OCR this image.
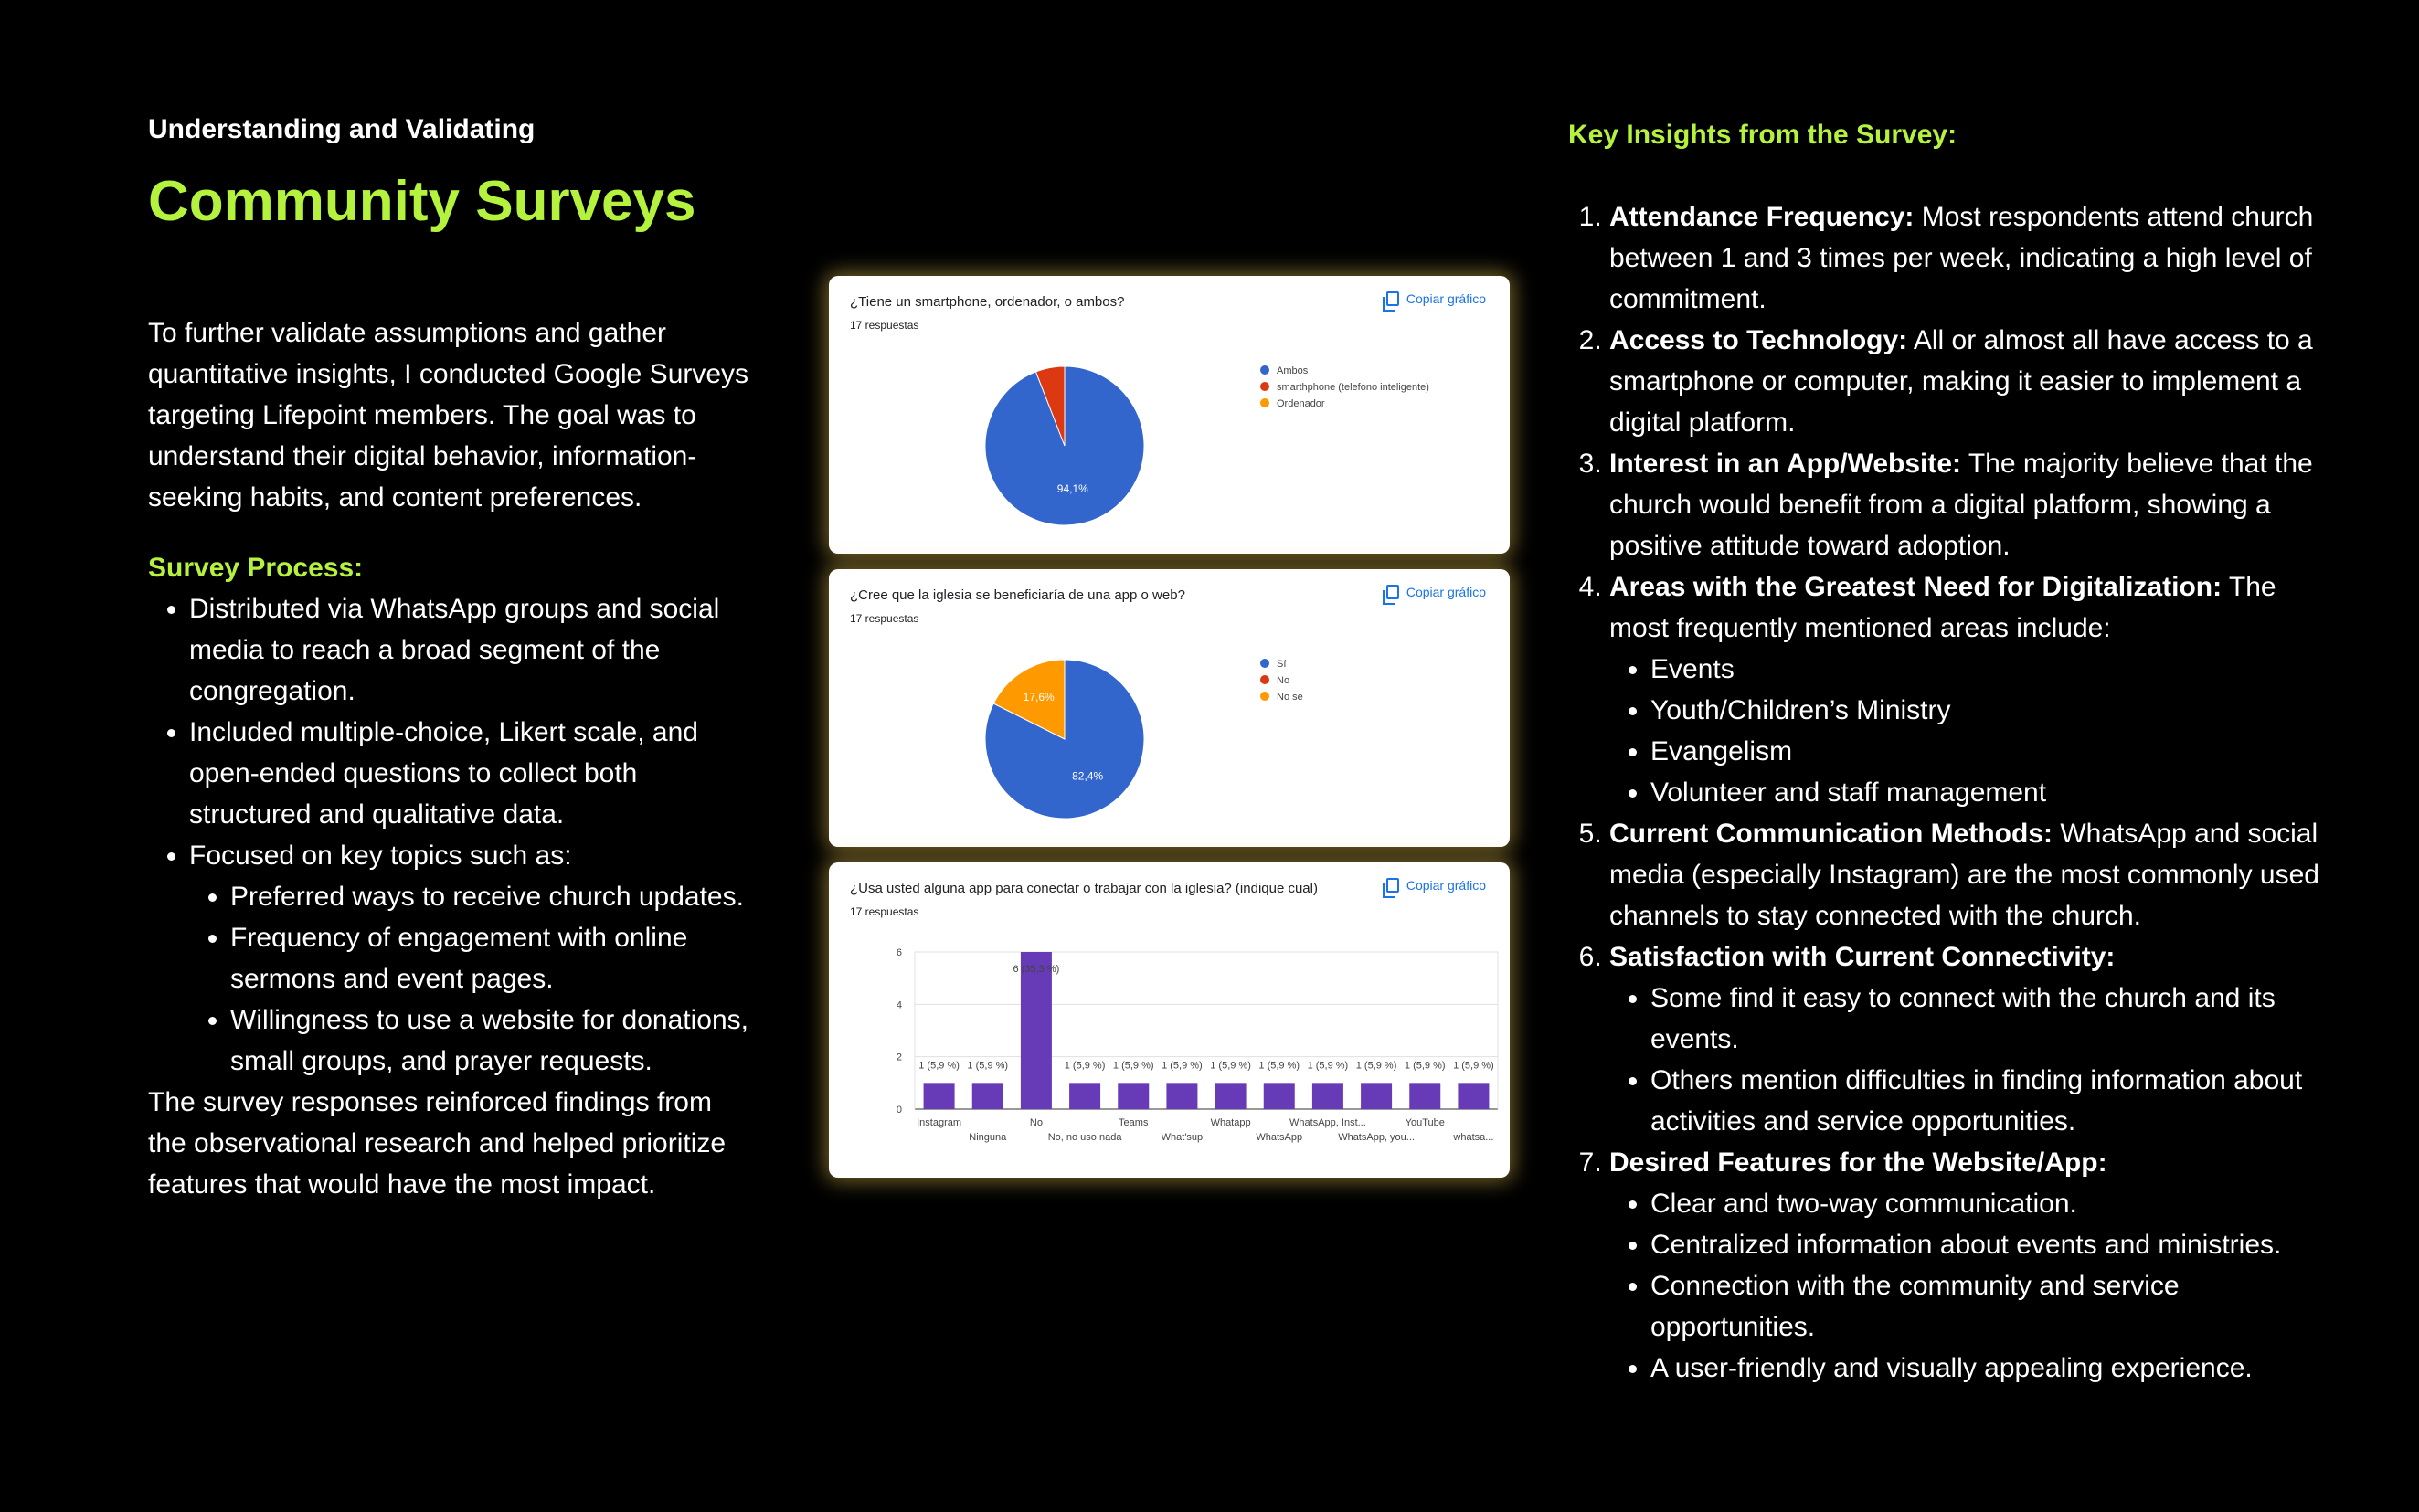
Understanding and Validating
Community Surveys

To further validate assumptions and gather quantitative insights, I conducted Google Surveys targeting Lifepoint members. The goal was to understand their digital behavior, information-seeking habits, and content preferences.

Survey Process:
• Distributed via WhatsApp groups and social media to reach a broad segment of the congregation.
• Included multiple-choice, Likert scale, and open-ended questions to collect both structured and qualitative data.
• Focused on key topics such as:
• Preferred ways to receive church updates.
• Frequency of engagement with online sermons and event pages.
• Willingness to use a website for donations, small groups, and prayer requests.

The survey responses reinforced findings from the observational research and helped prioritize features that would have the most impact.

¿Tiene un smartphone, ordenador, o ambos?
17 respuestas
Copiar gráfico
94,1%
Ambos
smarthphone (telefono inteligente)
Ordenador
¿Cree que la iglesia se beneficiaría de una app o web?
17 respuestas
Copiar gráfico
82,4%
17,6%
Sí
No
No sé
¿Usa usted alguna app para conectar o trabajar con la iglesia? (indique cual)
17 respuestas
Copiar gráfico
0
2
4
6
1 (5,9 %)
Instagram
1 (5,9 %)
Ninguna
6 (35,3 %)
No
1 (5,9 %)
No, no uso nada
1 (5,9 %)
Teams
1 (5,9 %)
What'sup
1 (5,9 %)
Whatapp
1 (5,9 %)
WhatsApp
1 (5,9 %)
WhatsApp, Inst...
1 (5,9 %)
WhatsApp, you...
1 (5,9 %)
YouTube
1 (5,9 %)
whatsa...
Key Insights from the Survey:
1. Attendance Frequency: Most respondents attend church between 1 and 3 times per week, indicating a high level of commitment.
2. Access to Technology: All or almost all have access to a smartphone or computer, making it easier to implement a digital platform.
3. Interest in an App/Website: The majority believe that the church would benefit from a digital platform, showing a positive attitude toward adoption.
4. Areas with the Greatest Need for Digitalization: The most frequently mentioned areas include:
• Events
• Youth/Children’s Ministry
• Evangelism
• Volunteer and staff management
5. Current Communication Methods: WhatsApp and social media (especially Instagram) are the most commonly used channels to stay connected with the church.
6. Satisfaction with Current Connectivity:
• Some find it easy to connect with the church and its events.
• Others mention difficulties in finding information about activities and service opportunities.
7. Desired Features for the Website/App:
• Clear and two-way communication.
• Centralized information about events and ministries.
• Connection with the community and service opportunities.
• A user-friendly and visually appealing experience.
